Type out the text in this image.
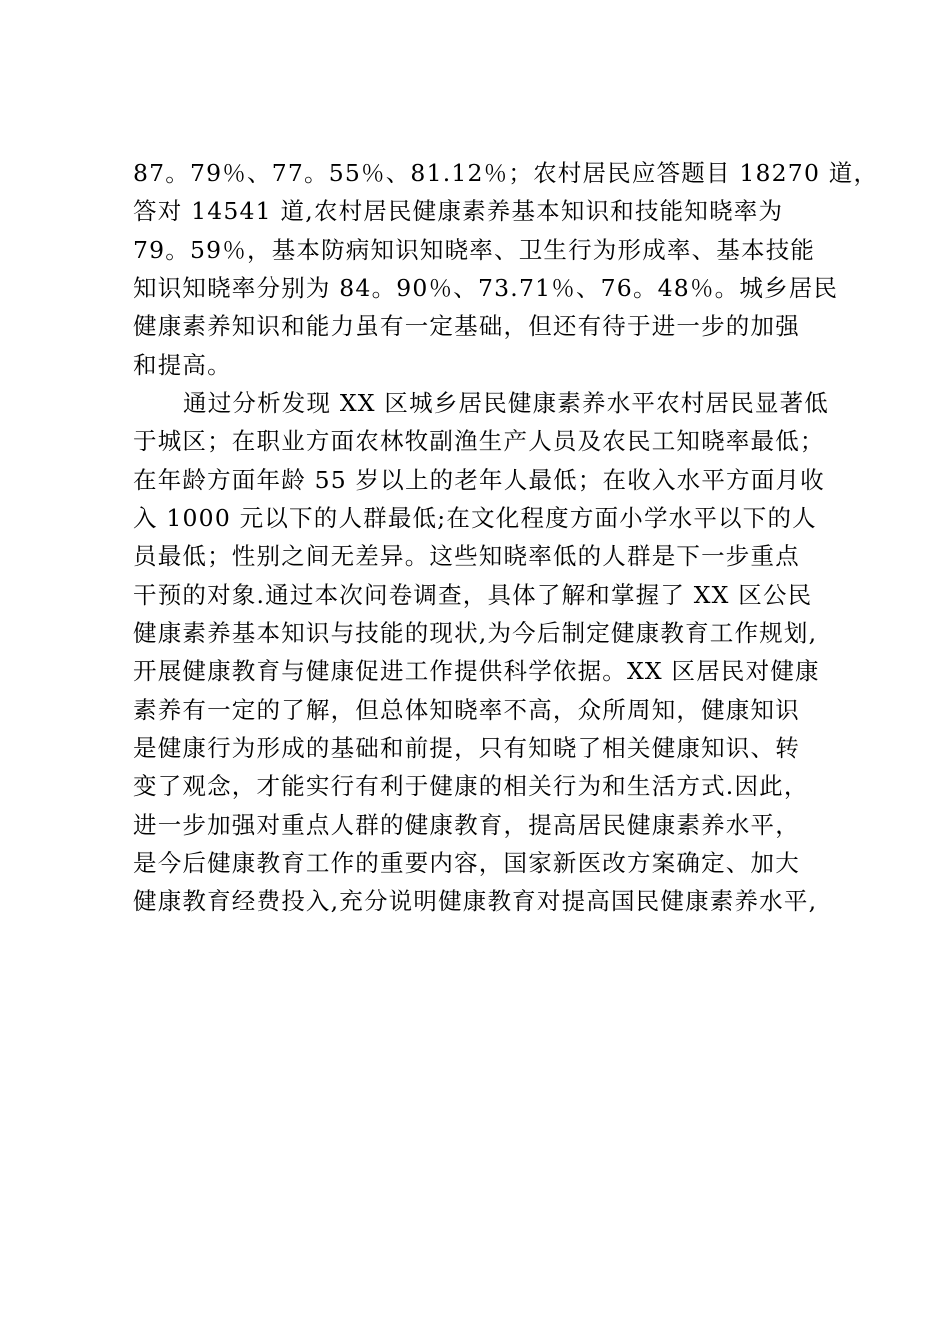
87。79％、77。55％、81.12％；农村居民应答题目 18270 道，
答对 14541 道,农村居民健康素养基本知识和技能知晓率为
79。59％，基本防病知识知晓率、卫生行为形成率、基本技能
知识知晓率分别为 84。90％、73.71％、76。48％。城乡居民
健康素养知识和能力虽有一定基础，但还有待于进一步的加强
和提高。
通过分析发现 XX 区城乡居民健康素养水平农村居民显著低
于城区；在职业方面农林牧副渔生产人员及农民工知晓率最低；
在年龄方面年龄 55 岁以上的老年人最低；在收入水平方面月收
入 1000 元以下的人群最低;在文化程度方面小学水平以下的人
员最低；性别之间无差异。这些知晓率低的人群是下一步重点
干预的对象.通过本次问卷调查，具体了解和掌握了 XX 区公民
健康素养基本知识与技能的现状,为今后制定健康教育工作规划,
开展健康教育与健康促进工作提供科学依据。XX 区居民对健康
素养有一定的了解，但总体知晓率不高，众所周知，健康知识
是健康行为形成的基础和前提，只有知晓了相关健康知识、转
变了观念，才能实行有利于健康的相关行为和生活方式.因此，
进一步加强对重点人群的健康教育，提高居民健康素养水平，
是今后健康教育工作的重要内容，国家新医改方案确定、加大
健康教育经费投入,充分说明健康教育对提高国民健康素养水平,
